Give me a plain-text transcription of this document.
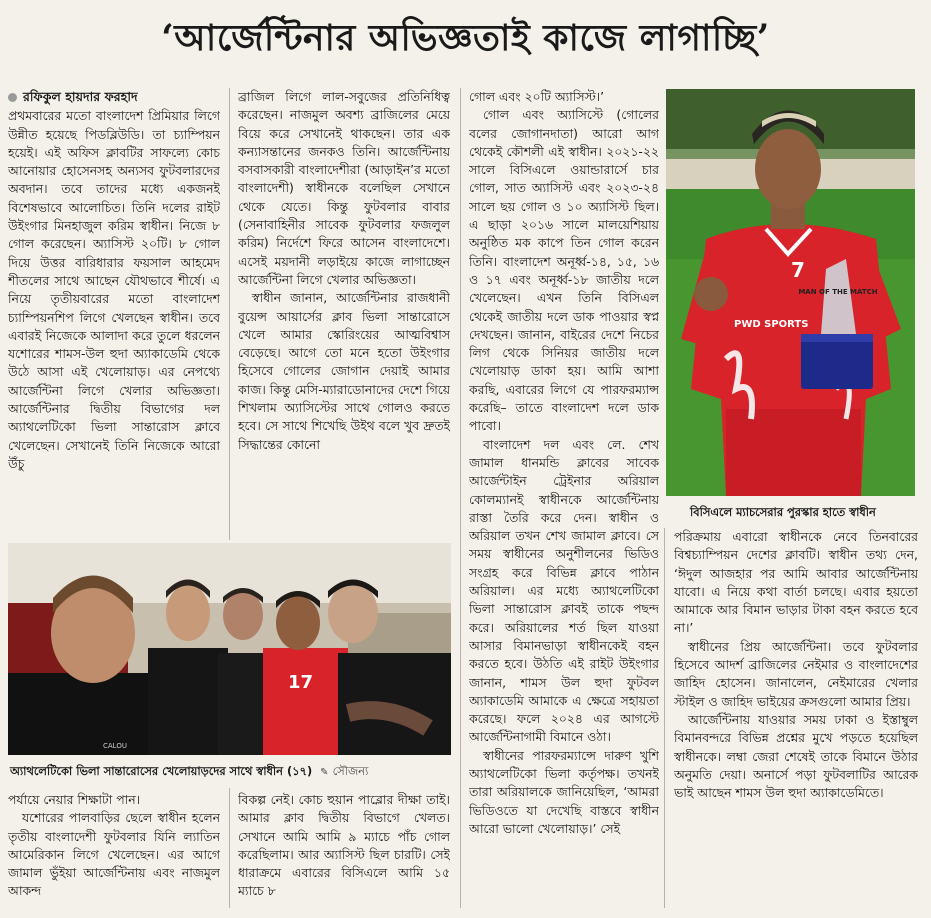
‘আর্জেন্টিনার অভিজ্ঞতাই কাজে লাগাচ্ছি’
রফিকুল হায়দার ফরহাদ

প্রথমবারের মতো বাংলাদেশ প্রিমিয়ার লিগে উন্নীত হয়েছে পিডব্লিউডি। তা চ্যাম্পিয়ন হয়েই। এই অফিস ক্লাবটির সাফল্যে কোচ আনোয়ার হোসেনসহ অন্যসব ফুটবলারদের অবদান। তবে তাদের মধ্যে একজনই বিশেষভাবে আলোচিত। তিনি দলের রাইট উইংগার মিনহাজুল করিম স্বাধীন। নিজে ৮ গোল করেছেন। অ্যাসিস্ট ২০টি। ৮ গোল দিয়ে উত্তর বারিধারার ফয়সাল আহমেদ শীতলের সাথে আছেন যৌথভাবে শীর্ষে। এ নিয়ে তৃতীয়বারের মতো বাংলাদেশ চ্যাম্পিয়নশিপ লিগে খেলছেন স্বাধীন। তবে এবারই নিজেকে আলাদা করে তুলে ধরলেন যশোরের শামস-উল হুদা অ্যাকাডেমি থেকে উঠে আসা এই খেলোয়াড়। এর নেপথ্যে আর্জেন্টিনা লিগে খেলার অভিজ্ঞতা। আর্জেন্টিনার দ্বিতীয় বিভাগের দল অ্যাথলেটিকো ভিলা সান্তারোস ক্লাবে খেলেছেন। সেখানেই তিনি নিজেকে আরো উঁচু

ব্রাজিল লিগে লাল-সবুজের প্রতিনিধিত্ব করেছেন। নাজমুল অবশ্য ব্রাজিলের মেয়ে বিয়ে করে সেখানেই থাকছেন। তার এক কন্যাসন্তানের জনকও তিনি। আর্জেন্টিনায় বসবাসকারী বাংলাদেশীরা (আড়াইন’র মতো বাংলাদেশী) স্বাধীনকে বলেছিল সেখানে থেকে যেতে। কিন্তু ফুটবলার বাবার (সেনাবাহিনীর সাবেক ফুটবলার ফজলুল করিম) নির্দেশে ফিরে আসেন বাংলাদেশে। এসেই ময়দানী লড়াইয়ে কাজে লাগাচ্ছেন আর্জেন্টিনা লিগে খেলার অভিজ্ঞতা।

স্বাধীন জানান, আর্জেন্টিনার রাজধানী বুয়েন্স আয়ার্সের ক্লাব ভিলা সান্তারোসে খেলে আমার স্কোরিংয়ের আত্মবিশ্বাস বেড়েছে। আগে তো মনে হতো উইংগার হিসেবে গোলের জোগান দেয়াই আমার কাজ। কিন্তু মেসি-ম্যারাডোনাদের দেশে গিয়ে শিখলাম অ্যাসিস্টের সাথে গোলও করতে হবে। সে সাথে শিখেছি উইথ বলে খুব দ্রুতই সিদ্ধান্তের কোনো

গোল এবং ২০টি অ্যাসিস্ট।’

গোল এবং অ্যাসিস্টে (গোলের বলের জোগানদাতা) আরো আগ থেকেই কৌশলী এই স্বাধীন। ২০২১-২২ সালে বিসিএলে ওয়ান্ডারার্সে চার গোল, সাত অ্যাসিস্ট এবং ২০২৩-২৪ সালে ছয় গোল ও ১০ অ্যাসিস্ট ছিল। এ ছাড়া ২০১৬ সালে মালয়েশিয়ায় অনুষ্ঠিত মক কাপে তিন গোল করেন তিনি। বাংলাদেশ অনূর্ধ্ব-১৪, ১৫, ১৬ ও ১৭ এবং অনূর্ধ্ব-১৮ জাতীয় দলে খেলেছেন। এখন তিনি বিসিএল থেকেই জাতীয় দলে ডাক পাওয়ার স্বপ্ন দেখছেন। জানান, বাইরের দেশে নিচের লিগ থেকে সিনিয়র জাতীয় দলে খেলোয়াড় ডাকা হয়। আমি আশা করছি, এবারের লিগে যে পারফরম্যান্স করেছি– তাতে বাংলাদেশ দলে ডাক পাবো।

বাংলাদেশ দল এবং লে. শেখ জামাল ধানমন্ডি ক্লাবের সাবেক আর্জেন্টাইন ট্রেইনার অরিয়াল কোলম্যানই স্বাধীনকে আর্জেন্টিনায় রাস্তা তৈরি করে দেন। স্বাধীন ও অরিয়াল তখন শেখ জামাল ক্লাবে। সে সময় স্বাধীনের অনুশীলনের ভিডিও সংগ্রহ করে বিভিন্ন ক্লাবে পাঠান অরিয়াল। এর মধ্যে অ্যাথলেটিকো ভিলা সান্তারোস ক্লাবই তাকে পছন্দ করে। অরিয়ালের শর্ত ছিল যাওয়া আসার বিমানভাড়া স্বাধীনকেই বহন করতে হবে। উঠতি এই রাইট উইংগার জানান, শামস উল হুদা ফুটবল অ্যাকাডেমি আমাকে এ ক্ষেত্রে সহায়তা করেছে। ফলে ২০২৪ এর আগস্টে আর্জেন্টিনাগামী বিমানে ওঠা।

স্বাধীনের পারফরম্যান্সে দারুণ খুশি অ্যাথলেটিকো ভিলা কর্তৃপক্ষ। তখনই তারা অরিয়ালকে জানিয়েছিল, ‘আমরা ভিডিওতে যা দেখেছি বাস্তবে স্বাধীন আরো ভালো খেলোয়াড়।’ সেই

MAN OF THE MATCH
7
PWD SPORTS
বিসিএলে ম্যাচসেরার পুরস্কার হাতে স্বাধীন
17
CALOU
অ্যাথলেটিকো ভিলা সান্তারোসের খেলোয়াড়দের সাথে স্বাধীন (১৭) ✎ সৌজন্য

পর্যায়ে নেয়ার শিক্ষাটা পান।

যশোরের পালবাড়ির ছেলে স্বাধীন হলেন তৃতীয় বাংলাদেশী ফুটবলার যিনি ল্যাতিন আমেরিকান লিগে খেলেছেন। এর আগে জামাল ভুঁইয়া আর্জেন্টিনায় এবং নাজমুল আকন্দ

বিকল্প নেই। কোচ হুয়ান পাব্লোর দীক্ষা তাই। আমার ক্লাব দ্বিতীয় বিভাগে খেলত। সেখানে আমি আমি ৯ ম্যাচে পাঁচ গোল করেছিলাম। আর অ্যাসিস্ট ছিল চারটি। সেই ধারাক্রমে এবারের বিসিএলে আমি ১৫ ম্যাচে ৮

পরিক্রমায় এবারো স্বাধীনকে নেবে তিনবারের বিশ্বচ্যাম্পিয়ন দেশের ক্লাবটি। স্বাধীন তথ্য দেন, ‘ঈদুল আজহার পর আমি আবার আর্জেন্টিনায় যাবো। এ নিয়ে কথা বার্তা চলছে। এবার হয়তো আমাকে আর বিমান ভাড়ার টাকা বহন করতে হবে না।’

স্বাধীনের প্রিয় আর্জেন্টিনা। তবে ফুটবলার হিসেবে আদর্শ ব্রাজিলের নেইমার ও বাংলাদেশের জাহিদ হোসেন। জানালেন, নেইমারের খেলার স্টাইল ও জাহিদ ভাইয়ের ক্রসগুলো আমার প্রিয়।

আর্জেন্টিনায় যাওয়ার সময় ঢাকা ও ইস্তাম্বুল বিমানবন্দরে বিভিন্ন প্রশ্নের মুখে পড়তে হয়েছিল স্বাধীনকে। লম্বা জেরা শেষেই তাকে বিমানে উঠার অনুমতি দেয়া। অনার্সে পড়া ফুটবলাটির আরেক ভাই আছেন শামস উল হুদা অ্যাকাডেমিতে।
